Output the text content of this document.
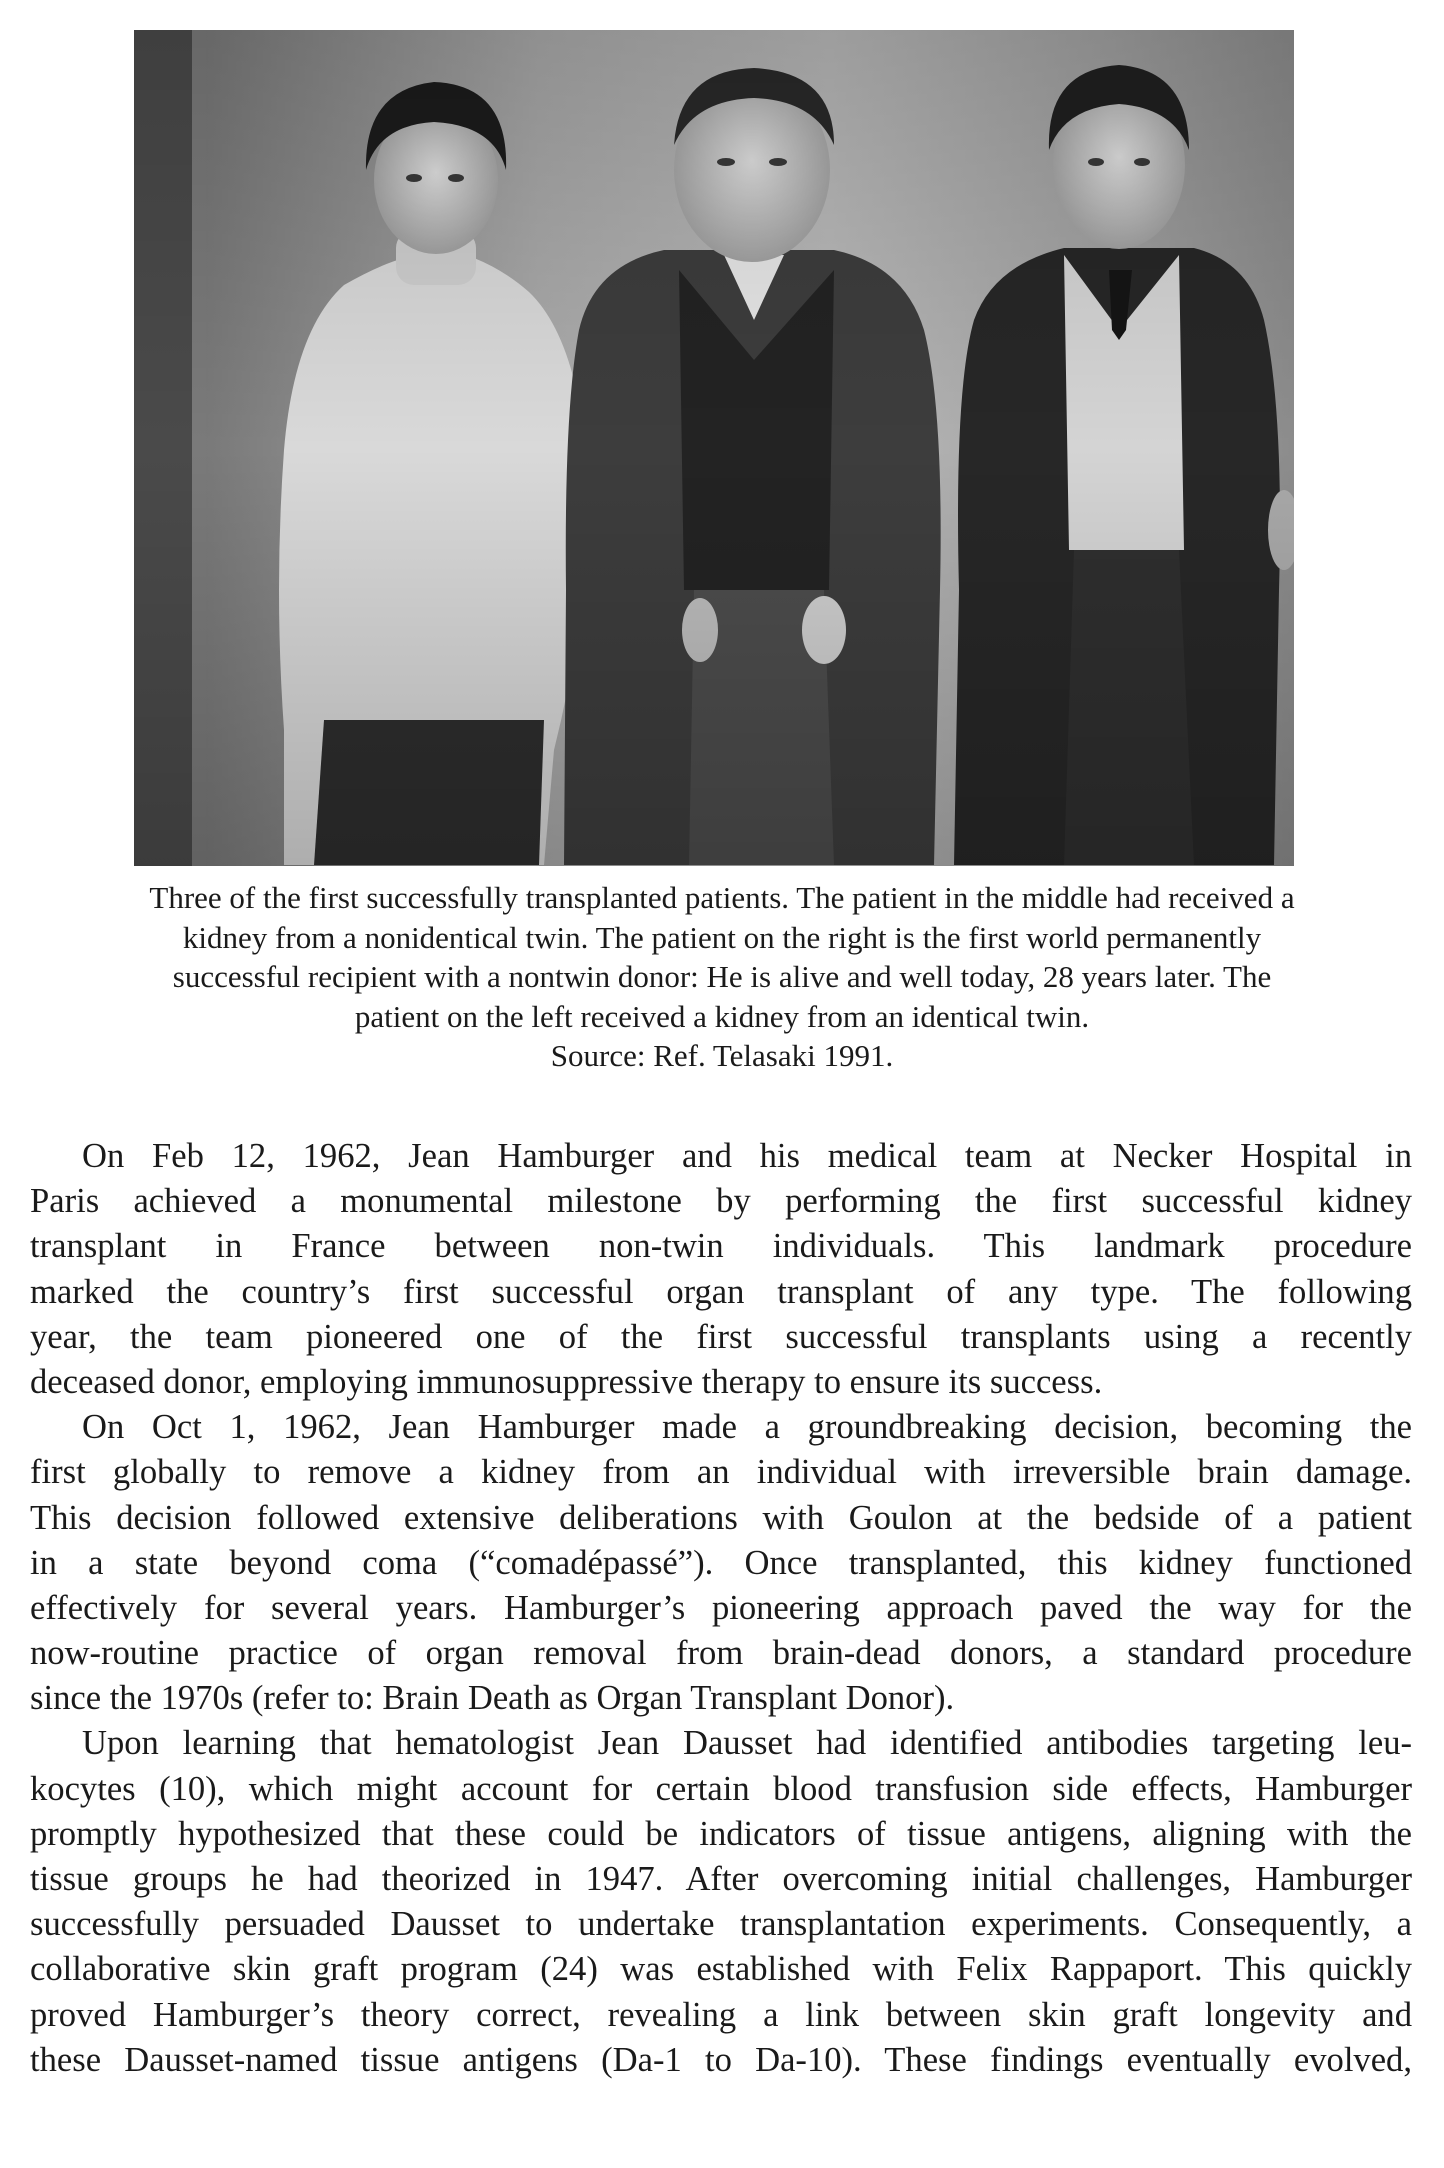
Three of the first successfully transplanted patients. The patient in the middle had received a
kidney from a nonidentical twin. The patient on the right is the first world permanently
successful recipient with a nontwin donor: He is alive and well today, 28 years later. The
patient on the left received a kidney from an identical twin.
Source: Ref. Telasaki 1991.
On Feb 12, 1962, Jean Hamburger and his medical team at Necker Hospital in
Paris achieved a monumental milestone by performing the first successful kidney
transplant in France between non-twin individuals. This landmark procedure
marked the country’s first successful organ transplant of any type. The following
year, the team pioneered one of the first successful transplants using a recently
deceased donor, employing immunosuppressive therapy to ensure its success.
On Oct 1, 1962, Jean Hamburger made a groundbreaking decision, becoming the
first globally to remove a kidney from an individual with irreversible brain damage.
This decision followed extensive deliberations with Goulon at the bedside of a patient
in a state beyond coma (“comadépassé”). Once transplanted, this kidney functioned
effectively for several years. Hamburger’s pioneering approach paved the way for the
now-routine practice of organ removal from brain-dead donors, a standard procedure
since the 1970s (refer to: Brain Death as Organ Transplant Donor).
Upon learning that hematologist Jean Dausset had identified antibodies targeting leu-
kocytes (10), which might account for certain blood transfusion side effects, Hamburger
promptly hypothesized that these could be indicators of tissue antigens, aligning with the
tissue groups he had theorized in 1947. After overcoming initial challenges, Hamburger
successfully persuaded Dausset to undertake transplantation experiments. Consequently, a
collaborative skin graft program (24) was established with Felix Rappaport. This quickly
proved Hamburger’s theory correct, revealing a link between skin graft longevity and
these Dausset-named tissue antigens (Da-1 to Da-10). These findings eventually evolved,
